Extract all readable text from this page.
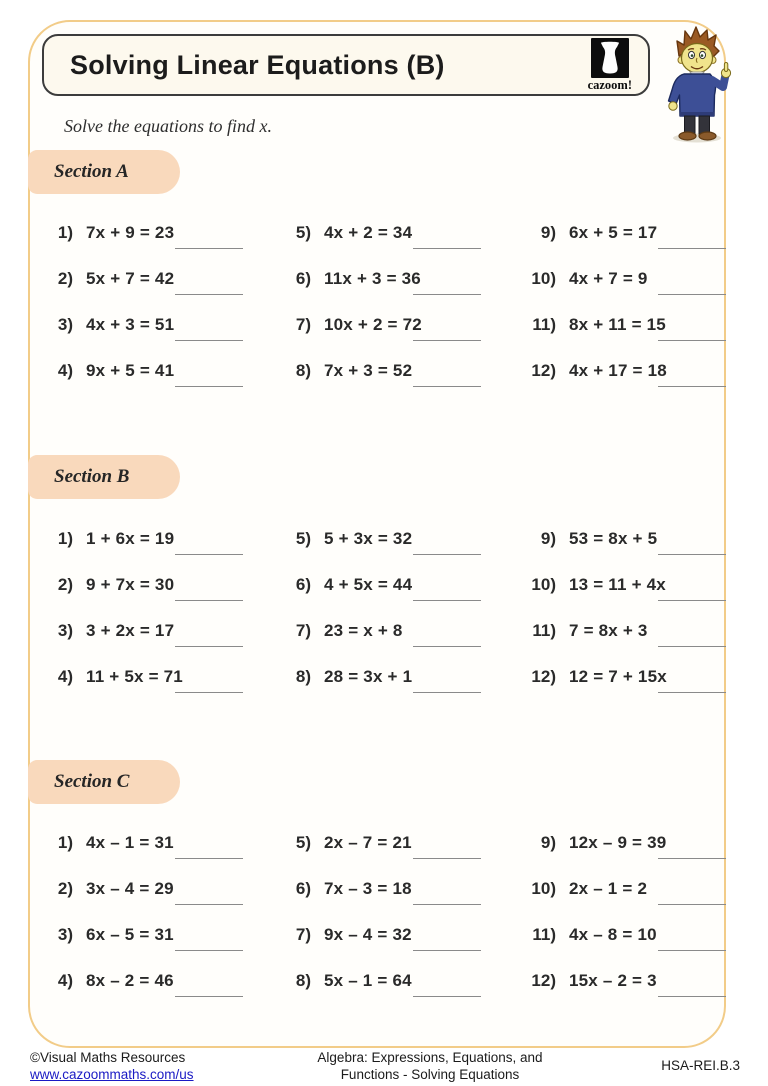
Solving Linear Equations (B)
cazoom!
Solve the equations to find x.
Section A
1) 7x + 9 = 23
2) 5x + 7 = 42
3) 4x + 3 = 51
4) 9x + 5 = 41
5) 4x + 2 = 34
6) 11x + 3 = 36
7) 10x + 2 = 72
8) 7x + 3 = 52
9) 6x + 5 = 17
10) 4x + 7 = 9
11) 8x + 11 = 15
12) 4x + 17 = 18
Section B
1) 1 + 6x = 19
2) 9 + 7x = 30
3) 3 + 2x = 17
4) 11 + 5x = 71
5) 5 + 3x = 32
6) 4 + 5x = 44
7) 23 = x + 8
8) 28 = 3x + 1
9) 53 = 8x + 5
10) 13 = 11 + 4x
11) 7 = 8x + 3
12) 12 = 7 + 15x
Section C
1) 4x – 1 = 31
2) 3x – 4 = 29
3) 6x – 5 = 31
4) 8x – 2 = 46
5) 2x – 7 = 21
6) 7x – 3 = 18
7) 9x – 4 = 32
8) 5x – 1 = 64
9) 12x – 9 = 39
10) 2x – 1 = 2
11) 4x – 8 = 10
12) 15x – 2 = 3
©Visual Maths Resources
www.cazoommaths.com/us
Algebra: Expressions, Equations, and
Functions - Solving Equations
HSA-REI.B.3
